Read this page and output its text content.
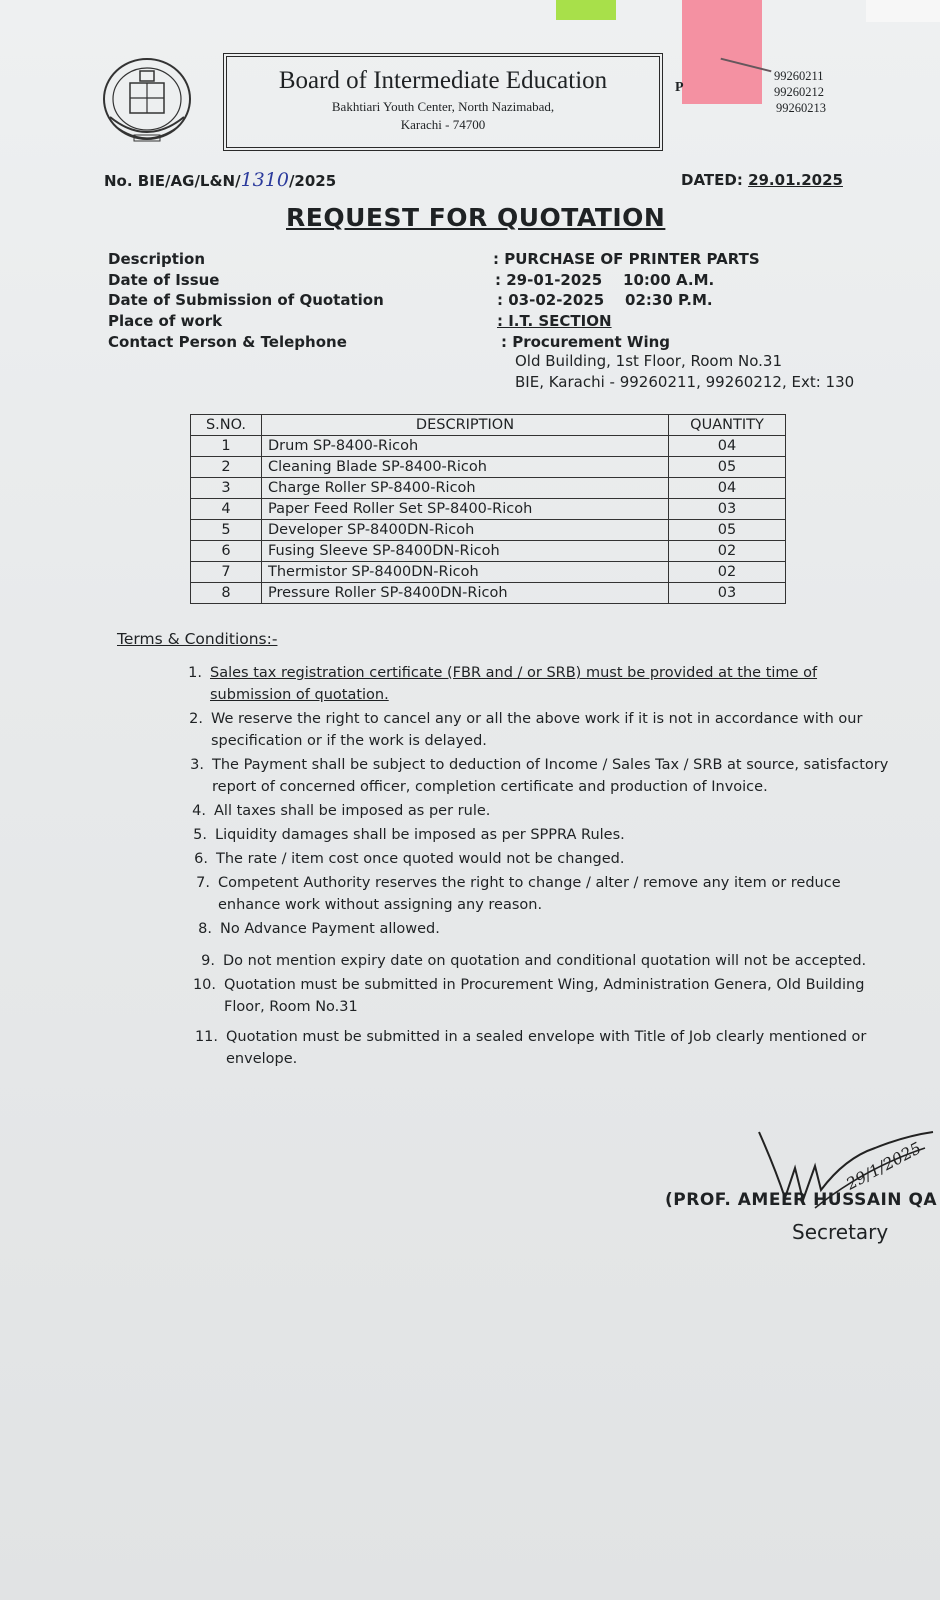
Board of Intermediate Education
Bakhtiari Youth Center, North Nazimabad,
Karachi - 74700
P
99260211
99260212
99260213
No. BIE/AG/L&N/1310/2025	DATED: 29.01.2025
REQUEST FOR QUOTATION
Description	: PURCHASE OF PRINTER PARTS
Date of Issue	: 29-01-2025    10:00 A.M.
Date of Submission of Quotation	: 03-02-2025    02:30 P.M.
Place of work	: I.T. SECTION
Contact Person & Telephone	: Procurement Wing
Old Building, 1st Floor, Room No.31
BIE, Karachi - 99260211, 99260212, Ext: 130
S.NO.	DESCRIPTION	QUANTITY
1	Drum SP-8400-Ricoh	04
2	Cleaning Blade SP-8400-Ricoh	05
3	Charge Roller SP-8400-Ricoh	04
4	Paper Feed Roller Set SP-8400-Ricoh	03
5	Developer SP-8400DN-Ricoh	05
6	Fusing Sleeve SP-8400DN-Ricoh	02
7	Thermistor SP-8400DN-Ricoh	02
8	Pressure Roller SP-8400DN-Ricoh	03
Terms & Conditions:-
1. Sales tax registration certificate (FBR and / or SRB) must be provided at the time of
submission of quotation.
2. We reserve the right to cancel any or all the above work if it is not in accordance with our
specification or if the work is delayed.
3. The Payment shall be subject to deduction of Income / Sales Tax / SRB at source, satisfactory
report of concerned officer, completion certificate and production of Invoice.
4. All taxes shall be imposed as per rule.
5. Liquidity damages shall be imposed as per SPPRA Rules.
6. The rate / item cost once quoted would not be changed.
7. Competent Authority reserves the right to change / alter / remove any item or reduce
enhance work without assigning any reason.
8. No Advance Payment allowed.
9. Do not mention expiry date on quotation and conditional quotation will not be accepted.
10. Quotation must be submitted in Procurement Wing, Administration Genera, Old Building
Floor, Room No.31
11. Quotation must be submitted in a sealed envelope with Title of Job clearly mentioned or
envelope.
29/1/2025
(PROF. AMEER HUSSAIN QA
Secretary
